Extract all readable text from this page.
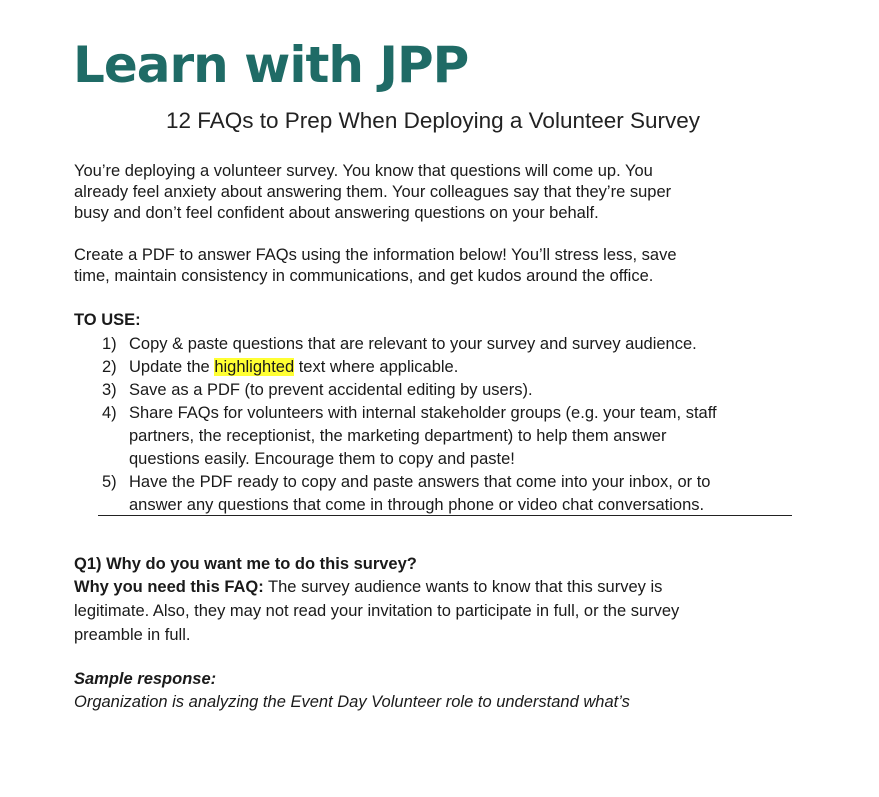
Learn with JPP
12 FAQs to Prep When Deploying a Volunteer Survey
You’re deploying a volunteer survey. You know that questions will come up. You
already feel anxiety about answering them. Your colleagues say that they’re super
busy and don’t feel confident about answering questions on your behalf.
Create a PDF to answer FAQs using the information below! You’ll stress less, save
time, maintain consistency in communications, and get kudos around the office.
TO USE:
1) Copy & paste questions that are relevant to your survey and survey audience.
2) Update the highlighted text where applicable.
3) Save as a PDF (to prevent accidental editing by users).
4) Share FAQs for volunteers with internal stakeholder groups (e.g. your team, staff
partners, the receptionist, the marketing department) to help them answer
questions easily. Encourage them to copy and paste!
5) Have the PDF ready to copy and paste answers that come into your inbox, or to
answer any questions that come in through phone or video chat conversations.
Q1) Why do you want me to do this survey?
Why you need this FAQ: The survey audience wants to know that this survey is
legitimate. Also, they may not read your invitation to participate in full, or the survey
preamble in full.
Sample response:
Organization is analyzing the Event Day Volunteer role to understand what’s
